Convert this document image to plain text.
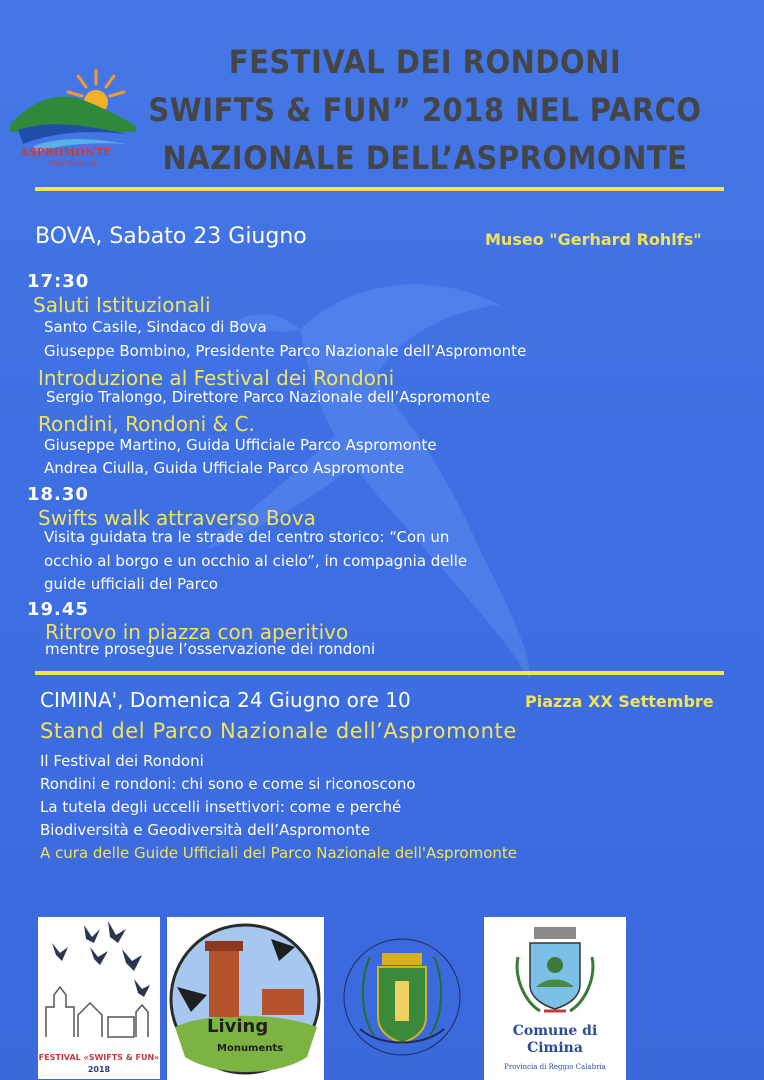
ASPROMONTE
Parco Nazionale
FESTIVAL DEI RONDONI
SWIFTS & FUN” 2018 NEL PARCO
NAZIONALE DELL’ASPROMONTE
BOVA, Sabato 23 Giugno	Museo "Gerhard Rohlfs"
17:30
Saluti Istituzionali
Santo Casile, Sindaco di Bova
Giuseppe Bombino, Presidente Parco Nazionale dell’Aspromonte
Introduzione al Festival dei Rondoni
Sergio Tralongo, Direttore Parco Nazionale dell’Aspromonte
Rondini, Rondoni & C.
Giuseppe Martino, Guida Ufficiale Parco Aspromonte
Andrea Ciulla, Guida Ufficiale Parco Aspromonte
18.30
Swifts walk attraverso Bova
Visita guidata tra le strade del centro storico: “Con un
occhio al borgo e un occhio al cielo”, in compagnia delle
guide ufficiali del Parco
19.45
Ritrovo in piazza con aperitivo
mentre prosegue l’osservazione dei rondoni
CIMINA', Domenica 24 Giugno ore 10	Piazza XX Settembre
Stand del Parco Nazionale dell’Aspromonte
Il Festival dei Rondoni
Rondini e rondoni: chi sono e come si riconoscono
La tutela degli uccelli insettivori: come e perché
Biodiversità e Geodiversità dell’Aspromonte
A cura delle Guide Ufficiali del Parco Nazionale dell'Aspromonte
FESTIVAL «SWIFTS & FUN»
2018
Living
Monuments
Comune di Cimina
Provincia di Reggio Calabria
